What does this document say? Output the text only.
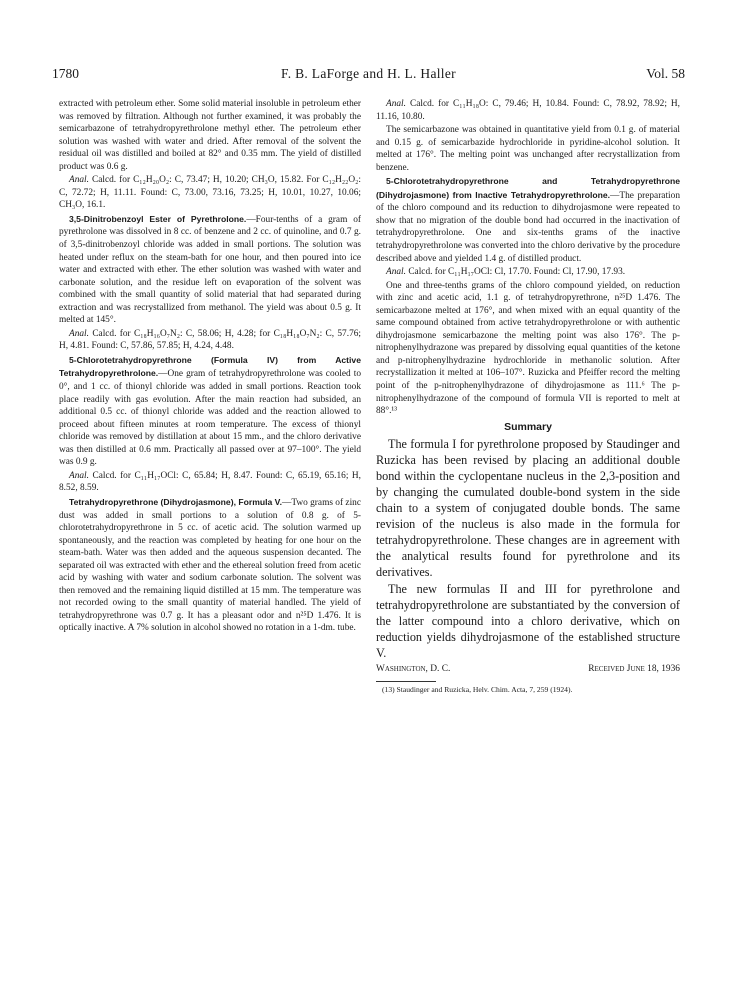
1780	F. B. LaForge and H. L. Haller	Vol. 58

extracted with petroleum ether. Some solid material insoluble in petroleum ether was removed by filtration. Although not further examined, it was probably the semicarbazone of tetrahydropyrethrolone methyl ether. The petroleum ether solution was washed with water and dried. After removal of the solvent the residual oil was distilled and boiled at 82° and 0.35 mm. The yield of distilled product was 0.6 g.

Anal. Calcd. for C₁₂H₂₀O₂: C, 73.47; H, 10.20; CH₃O, 15.82. For C₁₂H₂₂O₂: C, 72.72; H, 11.11. Found: C, 73.00, 73.16, 73.25; H, 10.01, 10.27, 10.06; CH₃O, 16.1.

3,5-Dinitrobenzoyl Ester of Pyrethrolone.—Four-tenths of a gram of pyrethrolone was dissolved in 8 cc. of benzene and 2 cc. of quinoline, and 0.7 g. of 3,5-dinitrobenzoyl chloride was added in small portions. The solution was heated under reflux on the steam-bath for one hour, and then poured into ice water and extracted with ether. The ether solution was washed with water and carbonate solution, and the residue left on evaporation of the solvent was combined with the small quantity of solid material that had separated during extraction and was recrystallized from methanol. The yield was about 0.5 g. It melted at 145°.

Anal. Calcd. for C₁₈H₁₆O₇N₂: C, 58.06; H, 4.28; for C₁₈H₁₈O₇N₂: C, 57.76; H, 4.81. Found: C, 57.86, 57.85; H, 4.24, 4.48.

5-Chlorotetrahydropyrethrone (Formula IV) from Active Tetrahydropyrethrolone.—One gram of tetrahydropyrethrolone was cooled to 0°, and 1 cc. of thionyl chloride was added in small portions. Reaction took place readily with gas evolution. After the main reaction had subsided, an additional 0.5 cc. of thionyl chloride was added and the reaction allowed to proceed about fifteen minutes at room temperature. The excess of thionyl chloride was removed by distillation at about 15 mm., and the chloro derivative was then distilled at 0.6 mm. Practically all passed over at 97–100°. The yield was 0.9 g.

Anal. Calcd. for C₁₁H₁₇OCl: C, 65.84; H, 8.47. Found: C, 65.19, 65.16; H, 8.52, 8.59.

Tetrahydropyrethrone (Dihydrojasmone), Formula V.—Two grams of zinc dust was added in small portions to a solution of 0.8 g. of 5-chlorotetrahydropyrethrone in 5 cc. of acetic acid. The solution warmed up spontaneously, and the reaction was completed by heating for one hour on the steam-bath. Water was then added and the aqueous suspension decanted. The separated oil was extracted with ether and the ethereal solution freed from acetic acid by washing with water and sodium carbonate solution. The solvent was then removed and the remaining liquid distilled at 15 mm. The temperature was not recorded owing to the small quantity of material handled. The yield of tetrahydropyrethrone was 0.7 g. It has a pleasant odor and n²⁵D 1.476. It is optically inactive. A 7% solution in alcohol showed no rotation in a 1-dm. tube.

Anal. Calcd. for C₁₁H₁₈O: C, 79.46; H, 10.84. Found: C, 78.92, 78.92; H, 11.16, 10.80.

The semicarbazone was obtained in quantitative yield from 0.1 g. of material and 0.15 g. of semicarbazide hydrochloride in pyridine-alcohol solution. It melted at 176°. The melting point was unchanged after recrystallization from benzene.

5-Chlorotetrahydropyrethrone and Tetrahydropyrethrone (Dihydrojasmone) from Inactive Tetrahydropyrethrolone.—The preparation of the chloro compound and its reduction to dihydrojasmone were repeated to show that no migration of the double bond had occurred in the inactivation of tetrahydropyrethrolone. One and six-tenths grams of the inactive tetrahydropyrethrolone was converted into the chloro derivative by the procedure described above and yielded 1.4 g. of distilled product.

Anal. Calcd. for C₁₁H₁₇OCl: Cl, 17.70. Found: Cl, 17.90, 17.93.

One and three-tenths grams of the chloro compound yielded, on reduction with zinc and acetic acid, 1.1 g. of tetrahydropyrethrone, n²⁵D 1.476. The semicarbazone melted at 176°, and when mixed with an equal quantity of the same compound obtained from active tetrahydropyrethrolone or with authentic dihydrojasmone semicarbazone the melting point was also 176°. The p-nitrophenylhydrazone was prepared by dissolving equal quantities of the ketone and p-nitrophenylhydrazine hydrochloride in methanolic solution. After recrystallization it melted at 106–107°. Ruzicka and Pfeiffer record the melting point of the p-nitrophenylhydrazone of dihydrojasmone as 111.⁶ The p-nitrophenylhydrazone of the compound of formula VII is reported to melt at 88°.¹³

Summary

The formula I for pyrethrolone proposed by Staudinger and Ruzicka has been revised by placing an additional double bond within the cyclopentane nucleus in the 2,3-position and by changing the cumulated double-bond system in the side chain to a system of conjugated double bonds. The same revision of the nucleus is also made in the formula for tetrahydropyrethrolone. These changes are in agreement with the analytical results found for pyrethrolone and its derivatives.

The new formulas II and III for pyrethrolone and tetrahydropyrethrolone are substantiated by the conversion of the latter compound into a chloro derivative, which on reduction yields dihydrojasmone of the established structure V.

Washington, D. C.	Received June 18, 1936

(13) Staudinger and Ruzicka, Helv. Chim. Acta, 7, 259 (1924).
